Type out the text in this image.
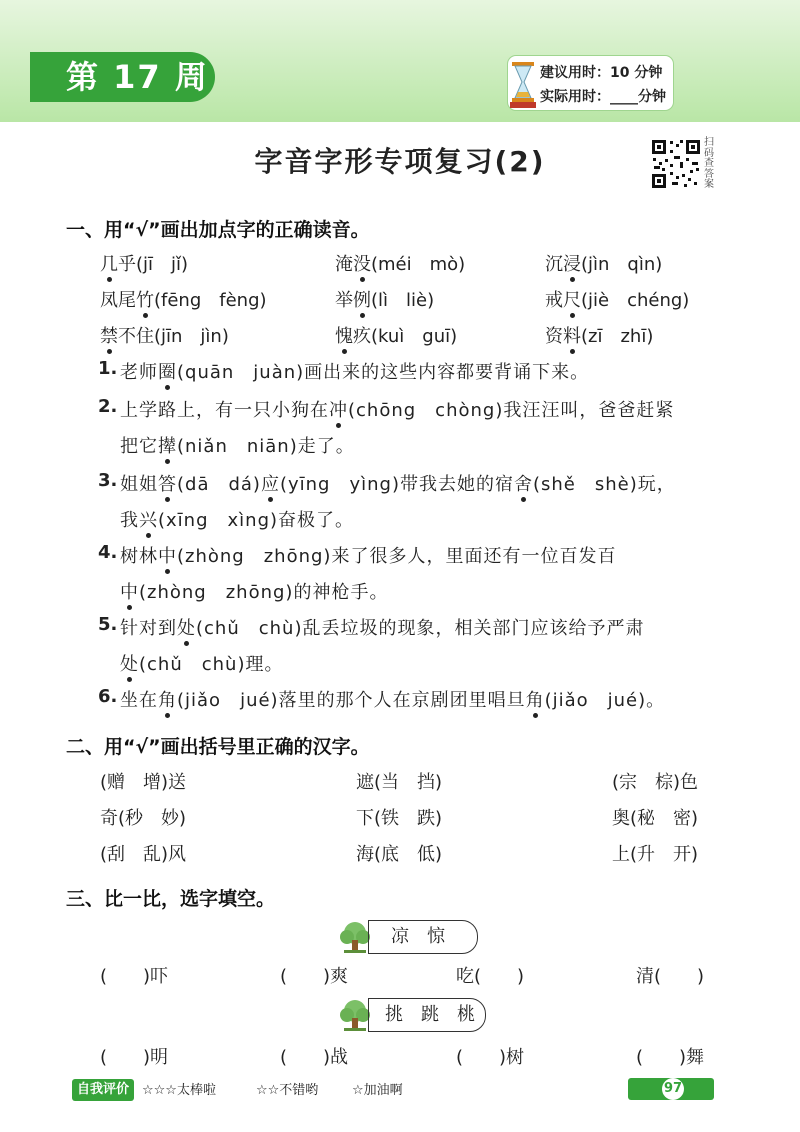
第 17 周	建议用时：10 分钟
实际用时：____分钟
字音字形专项复习(2)
扫码查答案
一、用“√”画出加点字的正确读音。
几乎(jī　jǐ)	淹没(méi　mò)	沉浸(jìn　qìn)
凤尾竹(fēng　fèng)	举例(lì　liè)	戒尺(jiè　chéng)
禁不住(jīn　jìn)	愧疚(kuì　guī)	资料(zī　zhī)
1. 老师圈(quān　juàn)画出来的这些内容都要背诵下来。
2. 上学路上，有一只小狗在冲(chōng　chòng)我汪汪叫，爸爸赶紧
把它撵(niǎn　niān)走了。
3. 姐姐答(dā　dá)应(yīng　yìng)带我去她的宿舍(shě　shè)玩，
我兴(xīng　xìng)奋极了。
4. 树林中(zhòng　zhōng)来了很多人，里面还有一位百发百
中(zhòng　zhōng)的神枪手。
5. 针对到处(chǔ　chù)乱丢垃圾的现象，相关部门应该给予严肃
处(chǔ　chù)理。
6. 坐在角(jiǎo　jué)落里的那个人在京剧团里唱旦角(jiǎo　jué)。
二、用“√”画出括号里正确的汉字。
(赠　增)送	遮(当　挡)	(宗　棕)色
奇(秒　妙)	下(铁　跌)	奥(秘　密)
(刮　乱)风	海(底　低)	上(升　开)
三、比一比，选字填空。
凉　惊
(　　)吓	(　　)爽	吃(　　)	清(　　)
挑　跳　桃
(　　)明	(　　)战	(　　)树	(　　)舞
自我评价 ☆☆☆太棒啦	☆☆不错哟	☆加油啊	97
